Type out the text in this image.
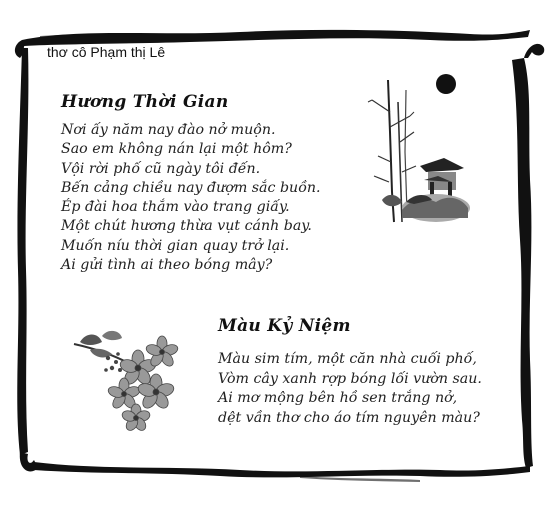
thơ cô Phạm thị Lê
Hương Thời Gian
Nơi ấy năm nay đào nở muộn.
Sao em không nán lại một hôm?
Vội rời phố cũ ngày tôi đến.
Bến cảng chiều nay đượm sắc buồn.
Ép đài hoa thắm vào trang giấy.
Một chút hương thừa vụt cánh bay.
Muốn níu thời gian quay trở lại.
Ai gửi tình ai theo bóng mây?
Màu Kỷ Niệm
Màu sim tím, một căn nhà cuối phố,
Vòm cây xanh rợp bóng lối vườn sau.
Ai mơ mộng bên hồ sen trắng nở,
dệt vần thơ cho áo tím nguyên màu?
